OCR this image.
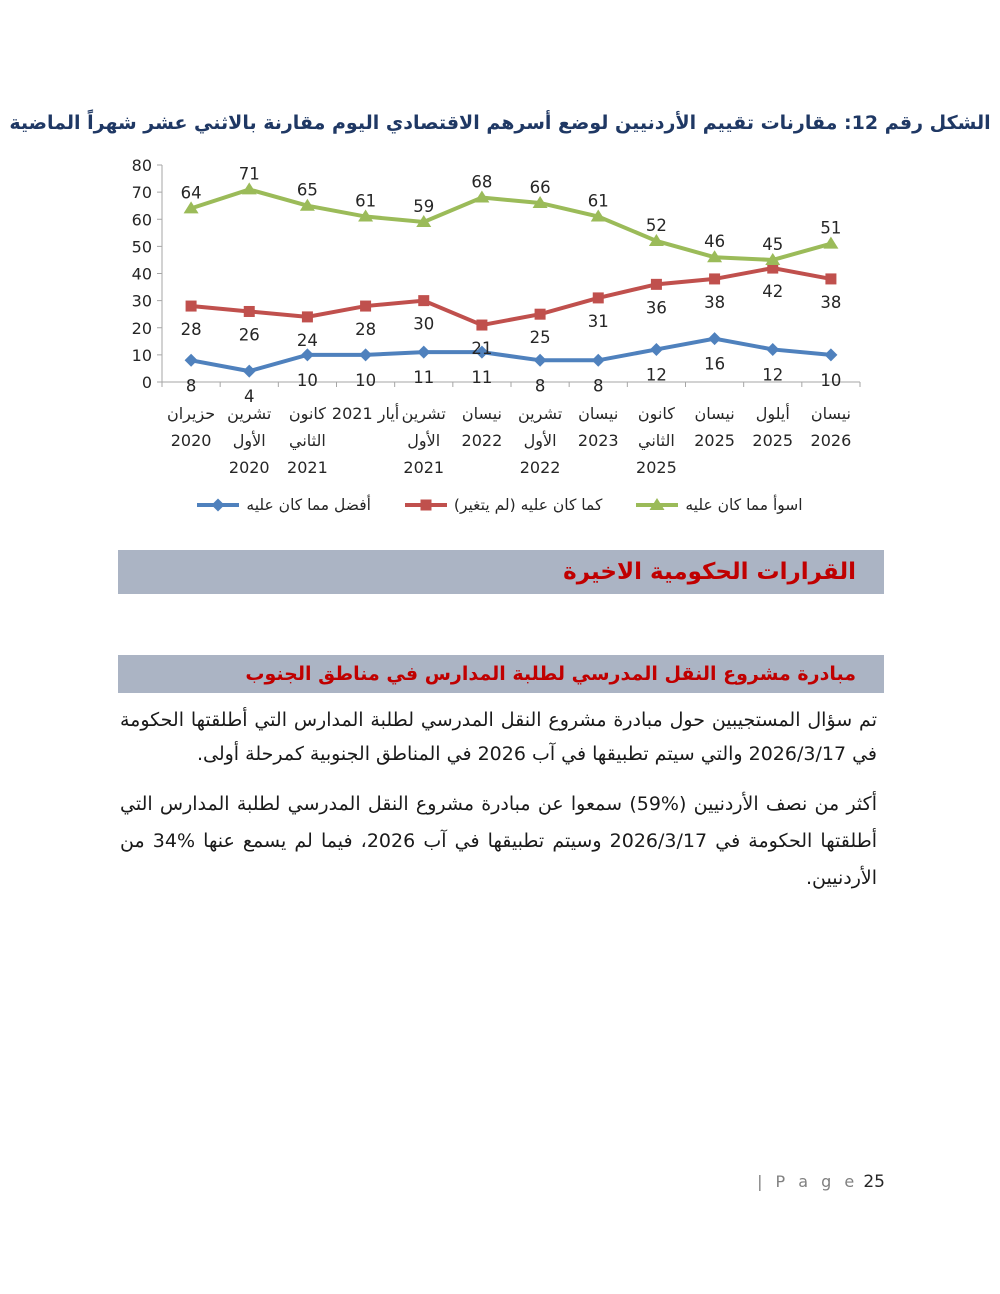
الشكل رقم 12: مقارنات تقييم الأردنيين لوضع أسرهم الاقتصادي اليوم مقارنة بالاثني عشر شهراً الماضية
0
10
20
30
40
50
60
70
80
حزيران
2020
تشرين
الأول
2020
كانون
الثاني
2021
أيار 2021 تشرين
الأول
2021
نيسان
2022
تشرين
الأول
2022
نيسان
2023
كانون
الثاني
2025
نيسان
2025
أيلول
2025
نيسان
2026
8
4
10 10 11 11	8	8
12
16
12 10
28 26 24
28 30
21
25
31
36 38
42
38
64
71
65
61 59
68 66
61
52
46 45
51
أفضل مما كان عليه	كما كان عليه (لم يتغير)	اسوأ مما كان عليه
القرارات الحكومية الاخيرة
مبادرة مشروع النقل المدرسي لطلبة المدارس في مناطق الجنوب
تم سؤال المستجيبين حول مبادرة مشروع النقل المدرسي لطلبة المدارس التي أطلقتها الحكومة في 2026/3/17 والتي سيتم تطبيقها في آب 2026 في المناطق الجنوبية كمرحلة أولى.
أكثر من نصف الأردنيين (%59) سمعوا عن مبادرة مشروع النقل المدرسي لطلبة المدارس التي أطلقتها الحكومة في 2026/3/17 وسيتم تطبيقها في آب 2026، فيما لم يسمع عنها %34 من الأردنيين.
| P a g e 25
